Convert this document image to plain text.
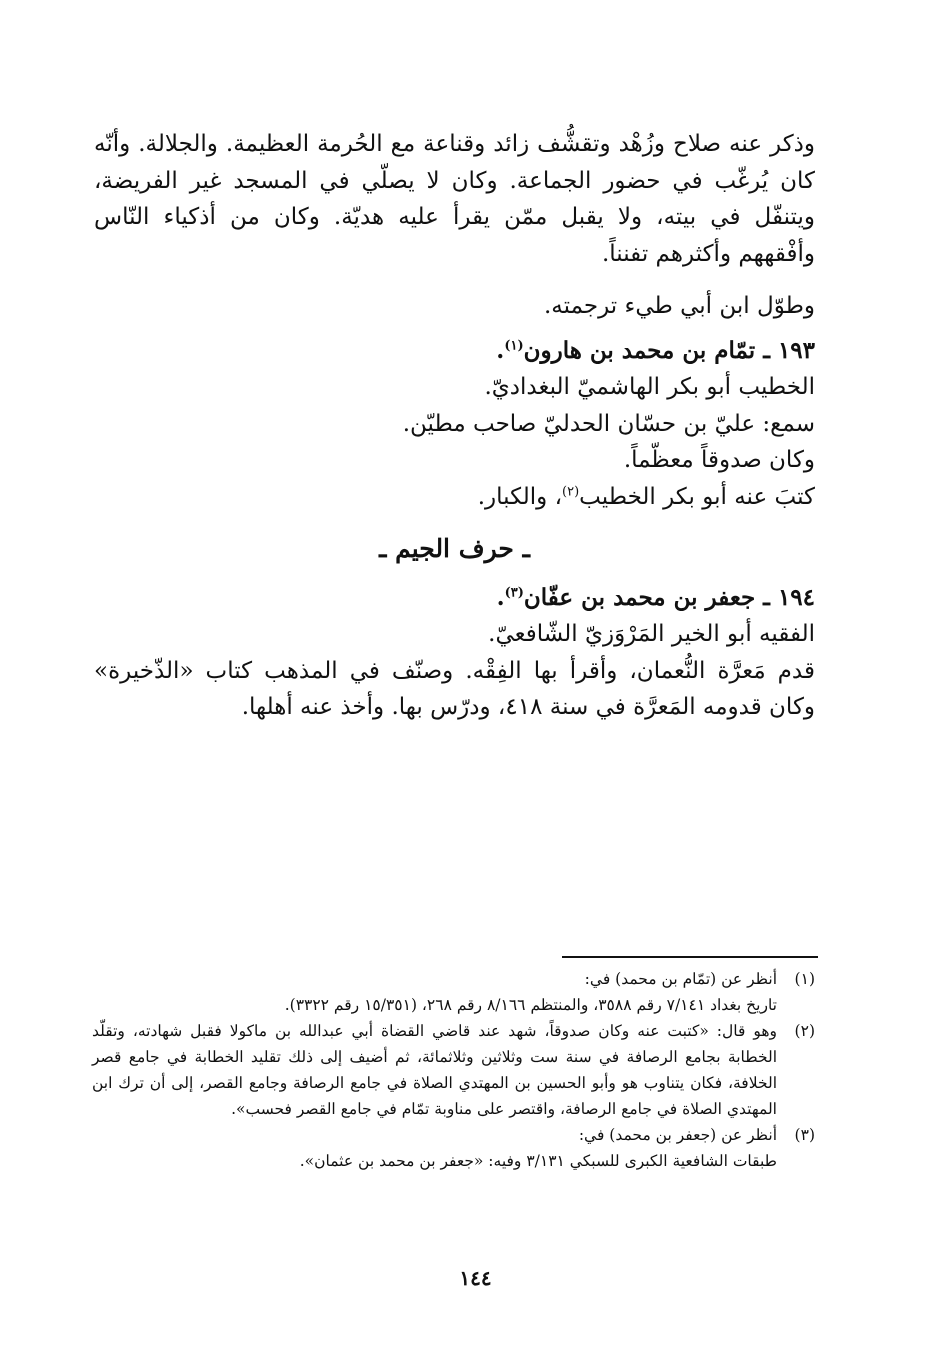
وذكر عنه صلاح وزُهْد وتقشُّف زائد وقناعة مع الحُرمة العظيمة. والجلالة. وأنّه كان يُرغّب في حضور الجماعة. وكان لا يصلّي في المسجد غير الفريضة، ويتنفّل في بيته، ولا يقبل ممّن يقرأ عليه هديّة. وكان من أذكياء النّاس وأفْقههم وأكثرهم تفنناً.

وطوّل ابن أبي طيء ترجمته.

١٩٣ ـ تمّام بن محمد بن هارون$^{(١)}$.

الخطيب أبو بكر الهاشميّ البغداديّ.

سمع: عليّ بن حسّان الحدليّ صاحب مطيّن.

وكان صدوقاً معظّماً.

كتبَ عنه أبو بكر الخطيب$^{(٢)}$، والكبار.

ـ حرف الجيم ـ

١٩٤ ـ جعفر بن محمد بن عفّان$^{(٣)}$.

الفقيه أبو الخير المَرْوَزيّ الشّافعيّ.

قدم مَعرَّة النُّعمان، وأقرأ بها الفِقْه. وصنّف في المذهب كتاب «الذّخيرة» وكان قدومه المَعرَّة في سنة ٤١٨، ودرّس بها. وأخذ عنه أهلها.

(١)

أنظر عن (تمّام بن محمد) في:

تاريخ بغداد ٧/١٤١ رقم ٣٥٨٨، والمنتظم ٨/١٦٦ رقم ٢٦٨، (١٥/٣٥١ رقم ٣٣٢٢).

(٢)

وهو قال: «كتبت عنه وكان صدوقاً، شهد عند قاضي القضاة أبي عبدالله بن ماكولا فقبل شهادته، وتقلّد الخطابة بجامع الرصافة في سنة ست وثلاثين وثلاثمائة، ثم أضيف إلى ذلك تقليد الخطابة في جامع قصر الخلافة، فكان يتناوب هو وأبو الحسين بن المهتدي الصلاة في جامع الرصافة وجامع القصر، إلى أن ترك ابن المهتدي الصلاة في جامع الرصافة، واقتصر على مناوبة تمّام في جامع القصر فحسب».

(٣)

أنظر عن (جعفر بن محمد) في:

طبقات الشافعية الكبرى للسبكي ٣/١٣١ وفيه: «جعفر بن محمد بن عثمان».

١٤٤
